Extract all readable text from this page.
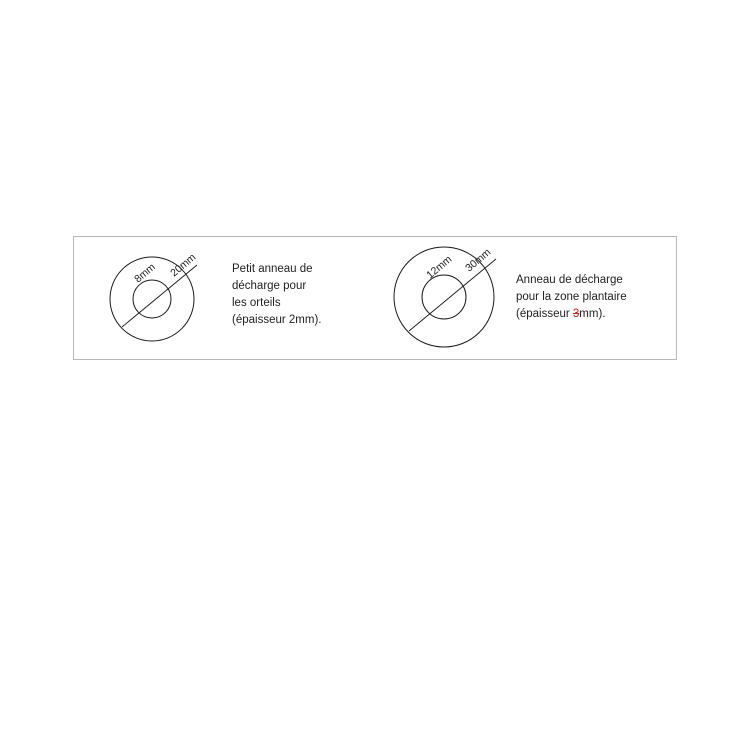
8mm 20mm	Petit anneau de
décharge pour
les orteils
(épaisseur 2mm).
12mm 30mm
Anneau de décharge
pour la zone plantaire
(épaisseur 3mm).
